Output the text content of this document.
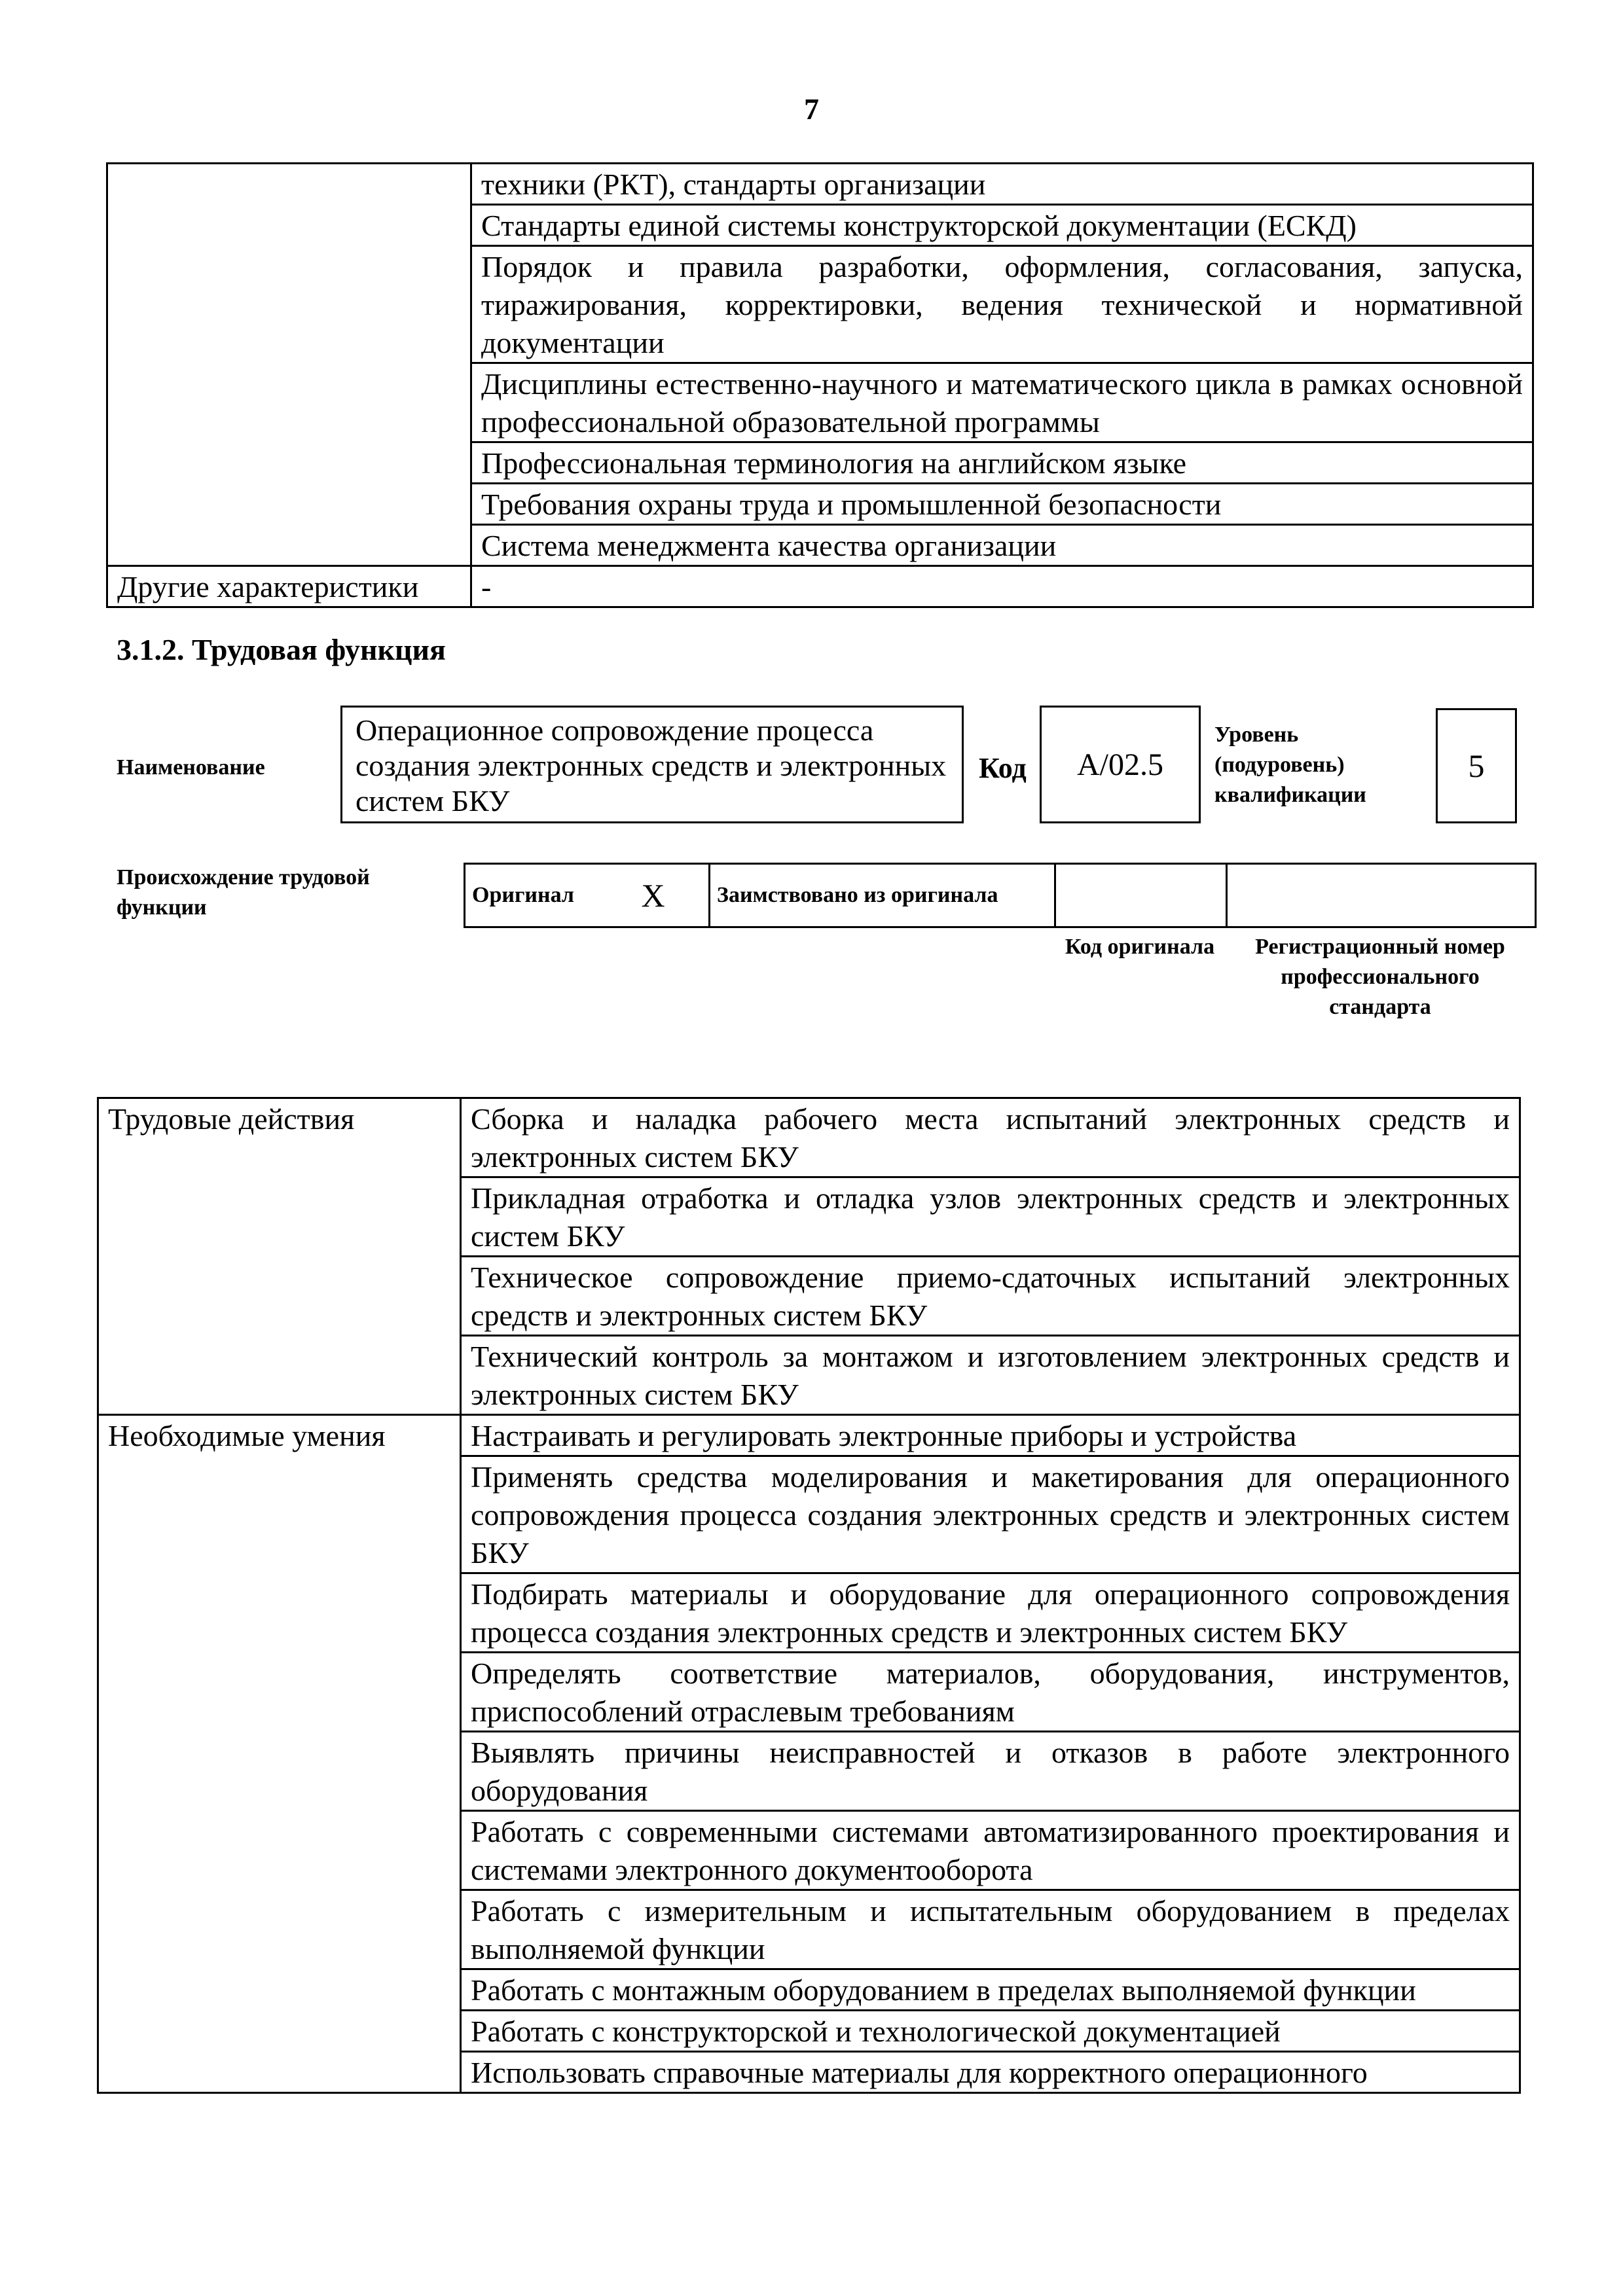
7
	техники (РКТ), стандарты организации
	Стандарты единой системы конструкторской документации (ЕСКД)
	Порядок и правила разработки, оформления, согласования, запуска, тиражирования, корректировки, ведения технической и нормативной документации
	Дисциплины естественно-научного и математического цикла в рамках основной профессиональной образовательной программы
	Профессиональная терминология на английском языке
	Требования охраны труда и промышленной безопасности
	Система менеджмента качества организации
Другие характеристики	-
3.1.2. Трудовая функция
Наименование
Операционное сопровождение процесса создания электронных средств и электронных систем БКУ
Код	A/02.5
Уровень (подуровень) квалификации
5
Происхождение трудовой функции
Оригинал	X	Заимствовано из оригинала		
Код оригинала	Регистрационный номер профессионального стандарта
Трудовые действия	Сборка и наладка рабочего места испытаний электронных средств и электронных систем БКУ
	Прикладная отработка и отладка узлов электронных средств и электронных систем БКУ
	Техническое сопровождение приемо-сдаточных испытаний электронных средств и электронных систем БКУ
	Технический контроль за монтажом и изготовлением электронных средств и электронных систем БКУ
Необходимые умения	Настраивать и регулировать электронные приборы и устройства
	Применять средства моделирования и макетирования для операционного сопровождения процесса создания электронных средств и электронных систем БКУ
	Подбирать материалы и оборудование для операционного сопровождения процесса создания электронных средств и электронных систем БКУ
	Определять соответствие материалов, оборудования, инструментов, приспособлений отраслевым требованиям
	Выявлять причины неисправностей и отказов в работе электронного оборудования
	Работать с современными системами автоматизированного проектирования и системами электронного документооборота
	Работать с измерительным и испытательным оборудованием в пределах выполняемой функции
	Работать с монтажным оборудованием в пределах выполняемой функции
	Работать с конструкторской и технологической документацией
	Использовать справочные материалы для корректного операционного
